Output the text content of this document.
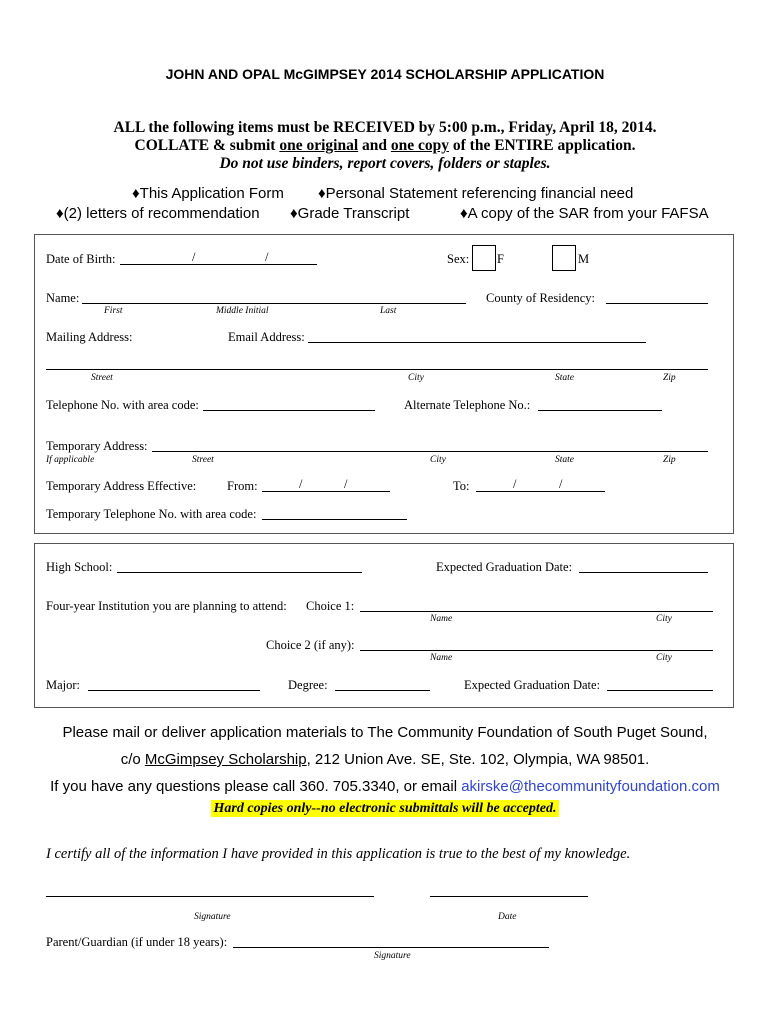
JOHN AND OPAL McGIMPSEY 2014 SCHOLARSHIP APPLICATION
ALL the following items must be RECEIVED by 5:00 p.m., Friday, April 18, 2014.
COLLATE & submit one original and one copy of the ENTIRE application.
Do not use binders, report covers, folders or staples.
♦This Application Form ♦Personal Statement referencing financial need
♦(2) letters of recommendation ♦Grade Transcript	♦A copy of the SAR from your FAFSA
Date of Birth:	/	/	Sex: F	M
Name:
First	Middle Initial	Last
County of Residency:
Mailing Address:	Email Address:
Street	City	State	Zip
Telephone No. with area code:	Alternate Telephone No.:
Temporary Address:
If applicable	Street	City	State	Zip
Temporary Address Effective: From:	/	/	To:	/	/
Temporary Telephone No. with area code:
High School:	Expected Graduation Date:
Four-year Institution you are planning to attend: Choice 1:
Name	City
Choice 2 (if any):
Name	City
Major:	Degree:	Expected Graduation Date:
Please mail or deliver application materials to The Community Foundation of South Puget Sound,
c/o McGimpsey Scholarship, 212 Union Ave. SE, Ste. 102, Olympia, WA 98501.
If you have any questions please call 360. 705.3340, or email akirske@thecommunityfoundation.com
Hard copies only--no electronic submittals will be accepted.
I certify all of the information I have provided in this application is true to the best of my knowledge.
Signature	Date
Parent/Guardian (if under 18 years):
Signature
